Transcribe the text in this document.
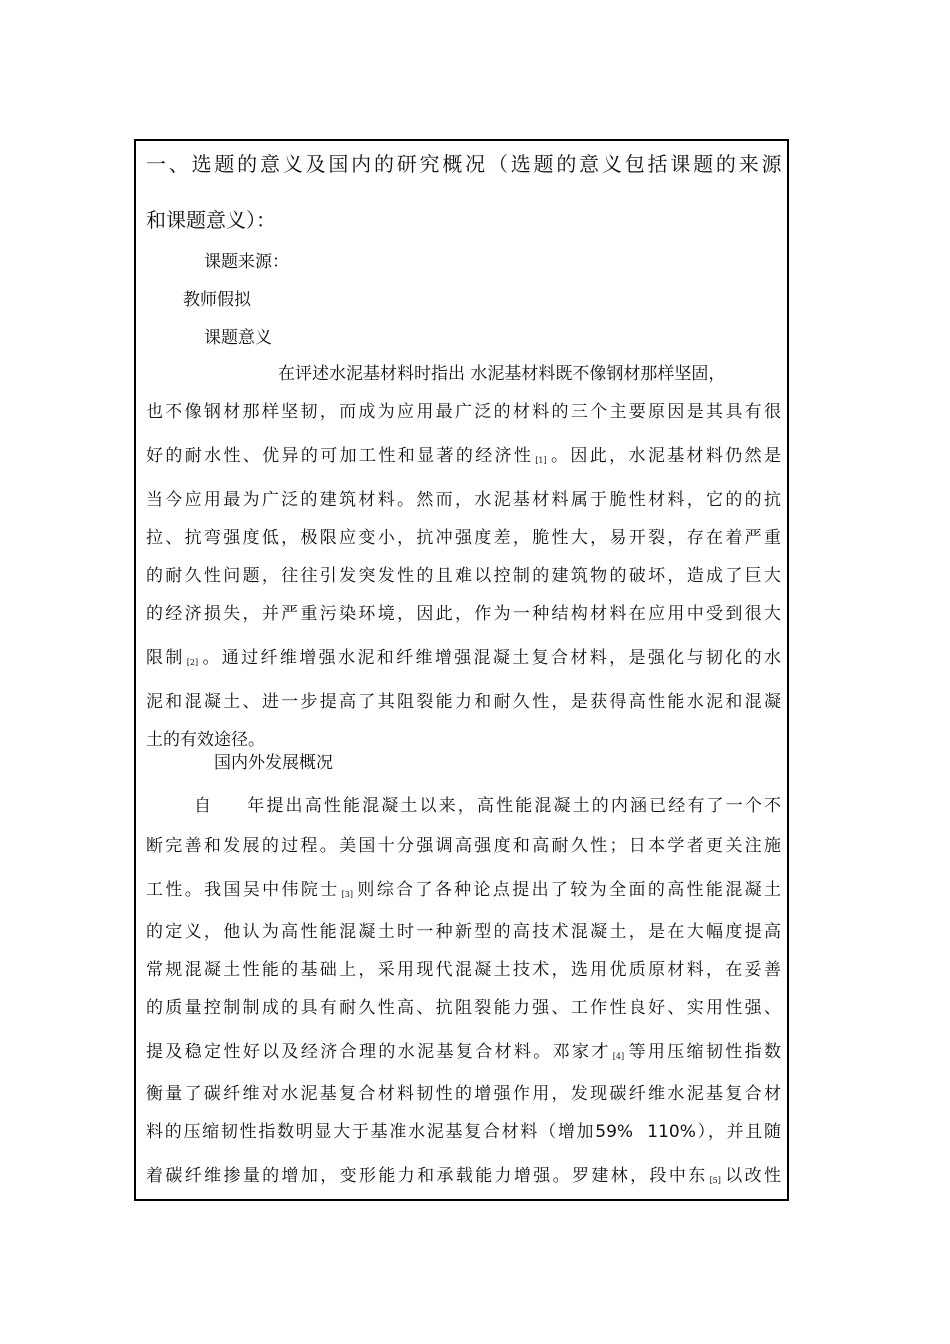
一、选题的意义及国内的研究概况（选题的意义包括课题的来源
和课题意义）：
课题来源：
教师假拟
课题意义
在评述水泥基材料时指出 水泥基材料既不像钢材那样坚固，
也不像钢材那样坚韧，而成为应用最广泛的材料的三个主要原因是其具有很
好的耐水性、优异的可加工性和显著的经济性 [1] 。因此，水泥基材料仍然是
当今应用最为广泛的建筑材料。然而，水泥基材料属于脆性材料，它的的抗
拉、抗弯强度低，极限应变小，抗冲强度差，脆性大，易开裂，存在着严重
的耐久性问题，往往引发突发性的且难以控制的建筑物的破坏，造成了巨大
的经济损失，并严重污染环境，因此，作为一种结构材料在应用中受到很大
限制 [2] 。通过纤维增强水泥和纤维增强混凝土复合材料，是强化与韧化的水
泥和混凝土、进一步提高了其阻裂能力和耐久性，是获得高性能水泥和混凝
土的有效途径。
国内外发展概况
自 年提出高性能混凝土以来，高性能混凝土的内涵已经有了一个不
断完善和发展的过程。美国十分强调高强度和高耐久性；日本学者更关注施
工性。我国吴中伟院士 [3] 则综合了各种论点提出了较为全面的高性能混凝土
的定义，他认为高性能混凝土时一种新型的高技术混凝土，是在大幅度提高
常规混凝土性能的基础上，采用现代混凝土技术，选用优质原材料，在妥善
的质量控制制成的具有耐久性高、抗阻裂能力强、工作性良好、实用性强、
提及稳定性好以及经济合理的水泥基复合材料。邓家才 [4] 等用压缩韧性指数
衡量了碳纤维对水泥基复合材料韧性的增强作用，发现碳纤维水泥基复合材
料的压缩韧性指数明显大于基准水泥基复合材料（增加59%  110%），并且随
着碳纤维掺量的增加，变形能力和承载能力增强。罗建林，段中东 [5] 以改性
